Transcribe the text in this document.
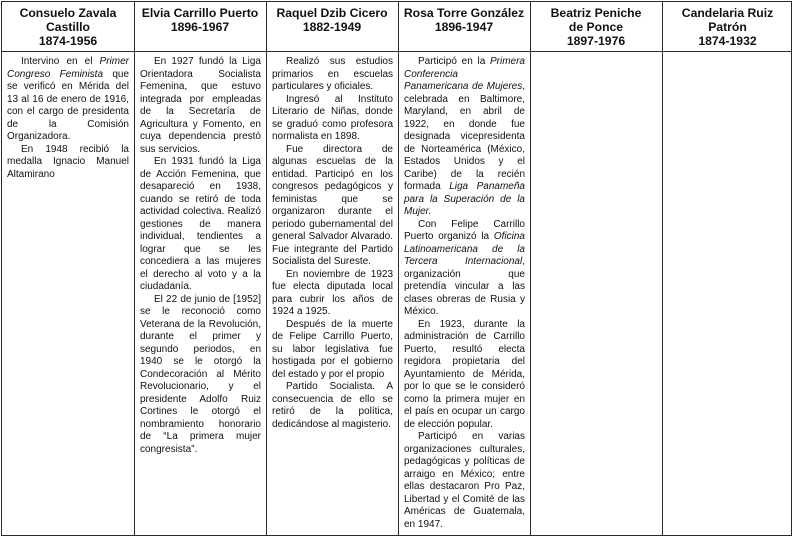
Consuelo Zavala
Castillo
1874-1956
Elvia Carrillo Puerto
1896-1967
Raquel Dzib Cicero
1882-1949
Rosa Torre González
1896-1947
Beatriz Peniche
de Ponce
1897-1976
Candelaria Ruiz
Patrón
1874-1932

Intervino en el Primer Congreso Feminista que se verificó en Mérida del 13 al 16 de enero de 1916, con el cargo de presidenta de la Comisión Organizadora.

En 1948 recibió la medalla Ignacio Manuel Altamirano

En 1927 fundó la Liga Orientadora Socialista Femenina, que estuvo integrada por empleadas de la Secretaría de Agricultura y Fomento, en cuya dependencia prestó sus servicios.

En 1931 fundó la Liga de Acción Femenina, que desapareció en 1938, cuando se retiró de toda actividad colectiva. Realizó gestiones de manera individual, tendientes a lograr que se les concediera a las mujeres el derecho al voto y a la ciudadanía.

El 22 de junio de [1952] se le reconoció como Veterana de la Revolución, durante el primer y segundo periodos, en 1940 se le otorgó la Condecoración al Mérito Revolucionario, y el presidente Adolfo Ruiz Cortines le otorgó el nombramiento honorario de “La primera mujer congresista”.

Realizó sus estudios primarios en escuelas particulares y oficiales.

Ingresó al Instituto Literario de Niñas, donde se graduó como profesora normalista en 1898.

Fue directora de algunas escuelas de la entidad. Participó en los congresos pedagógicos y feministas que se organizaron durante el periodo gubernamental del general Salvador Alvarado. Fue integrante del Partido Socialista del Sureste.

En noviembre de 1923 fue electa diputada local para cubrir los años de 1924 a 1925.

Después de la muerte de Felipe Carrillo Puerto, su labor legislativa fue hostigada por el gobierno del estado y por el propio

Partido Socialista. A consecuencia de ello se retiró de la política, dedicándose al magisterio.

Participó en la Primera Conferencia Panamericana de Mujeres, celebrada en Baltimore, Maryland, en abril de 1922, en donde fue designada vicepresidenta de Norteamérica (México, Estados Unidos y el Caribe) de la recién formada Liga Panameña para la Superación de la Mujer.

Con Felipe Carrillo Puerto organizó la Oficina Latinoamericana de la Tercera Internacional, organización que pretendía vincular a las clases obreras de Rusia y México.

En 1923, durante la administración de Carrillo Puerto, resultó electa regidora propietaria del Ayuntamiento de Mérida, por lo que se le consideró como la primera mujer en el país en ocupar un cargo de elección popular.

Participó en varias organizaciones culturales, pedagógicas y políticas de arraigo en México; entre ellas destacaron Pro Paz, Libertad y el Comité de las Américas de Guatemala, en 1947.
